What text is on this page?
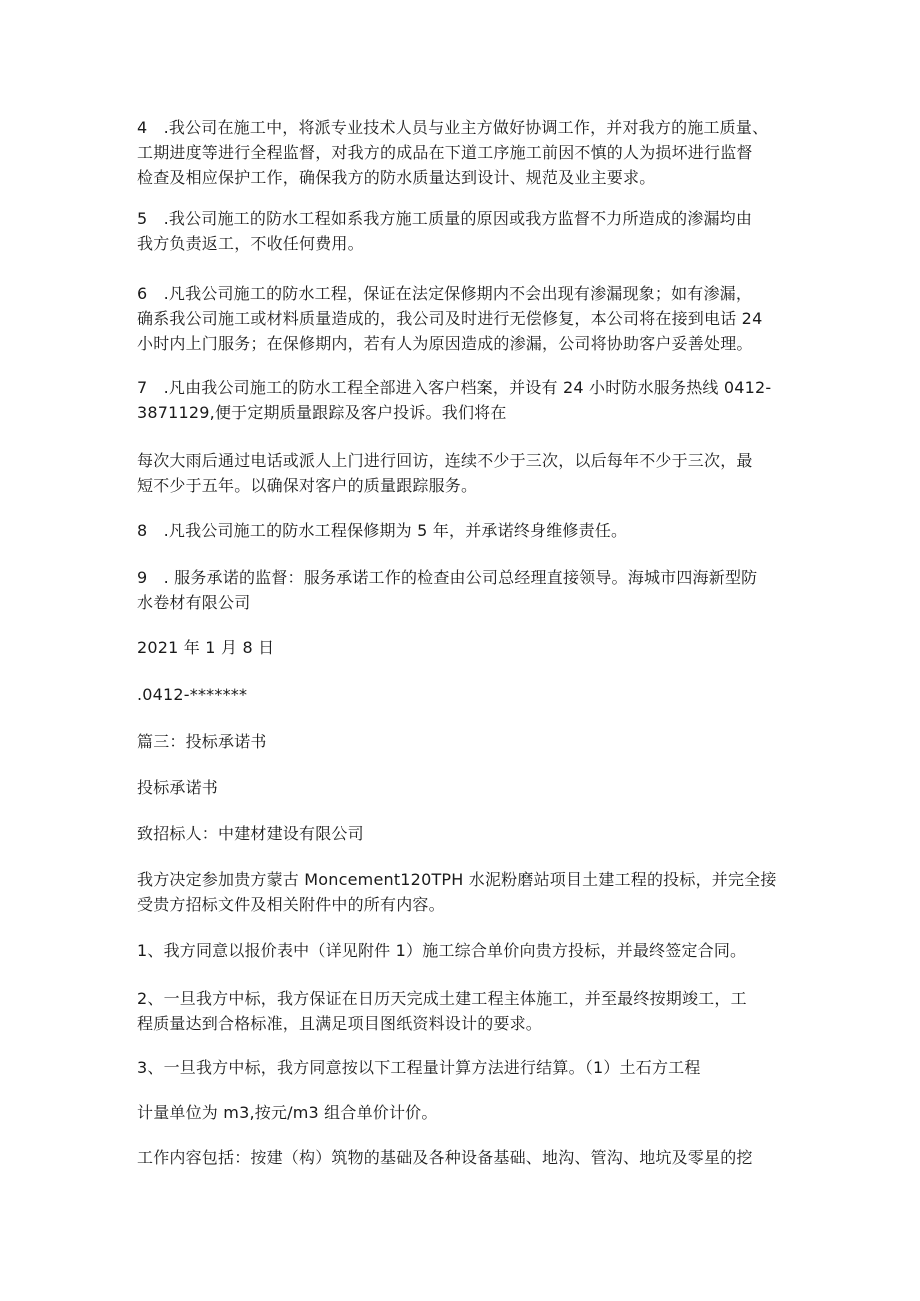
4　.我公司在施工中，将派专业技术人员与业主方做好协调工作，并对我方的施工质量、
工期进度等进行全程监督，对我方的成品在下道工序施工前因不慎的人为损坏进行监督
检查及相应保护工作，确保我方的防水质量达到设计、规范及业主要求。
5　.我公司施工的防水工程如系我方施工质量的原因或我方监督不力所造成的渗漏均由
我方负责返工，不收任何费用。
6　.凡我公司施工的防水工程，保证在法定保修期内不会出现有渗漏现象；如有渗漏，
确系我公司施工或材料质量造成的，我公司及时进行无偿修复，本公司将在接到电话 24
小时内上门服务；在保修期内，若有人为原因造成的渗漏，公司将协助客户妥善处理。
7　.凡由我公司施工的防水工程全部进入客户档案，并设有 24 小时防水服务热线 0412-
3871129,便于定期质量跟踪及客户投诉。我们将在
每次大雨后通过电话或派人上门进行回访，连续不少于三次，以后每年不少于三次，最
短不少于五年。以确保对客户的质量跟踪服务。
8　.凡我公司施工的防水工程保修期为 5 年，并承诺终身维修责任。
9　. 服务承诺的监督：服务承诺工作的检查由公司总经理直接领导。海城市四海新型防
水卷材有限公司
2021 年 1 月 8 日
.0412-*******
篇三：投标承诺书
投标承诺书
致招标人：中建材建设有限公司
我方决定参加贵方蒙古 Moncement120TPH 水泥粉磨站项目土建工程的投标，并完全接
受贵方招标文件及相关附件中的所有内容。
1、我方同意以报价表中（详见附件 1）施工综合单价向贵方投标，并最终签定合同。
2、一旦我方中标，我方保证在日历天完成土建工程主体施工，并至最终按期竣工，工
程质量达到合格标准，且满足项目图纸资料设计的要求。
3、一旦我方中标，我方同意按以下工程量计算方法进行结算。（1）土石方工程
计量单位为 m3,按元/m3 组合单价计价。
工作内容包括：按建（构）筑物的基础及各种设备基础、地沟、管沟、地坑及零星的挖
